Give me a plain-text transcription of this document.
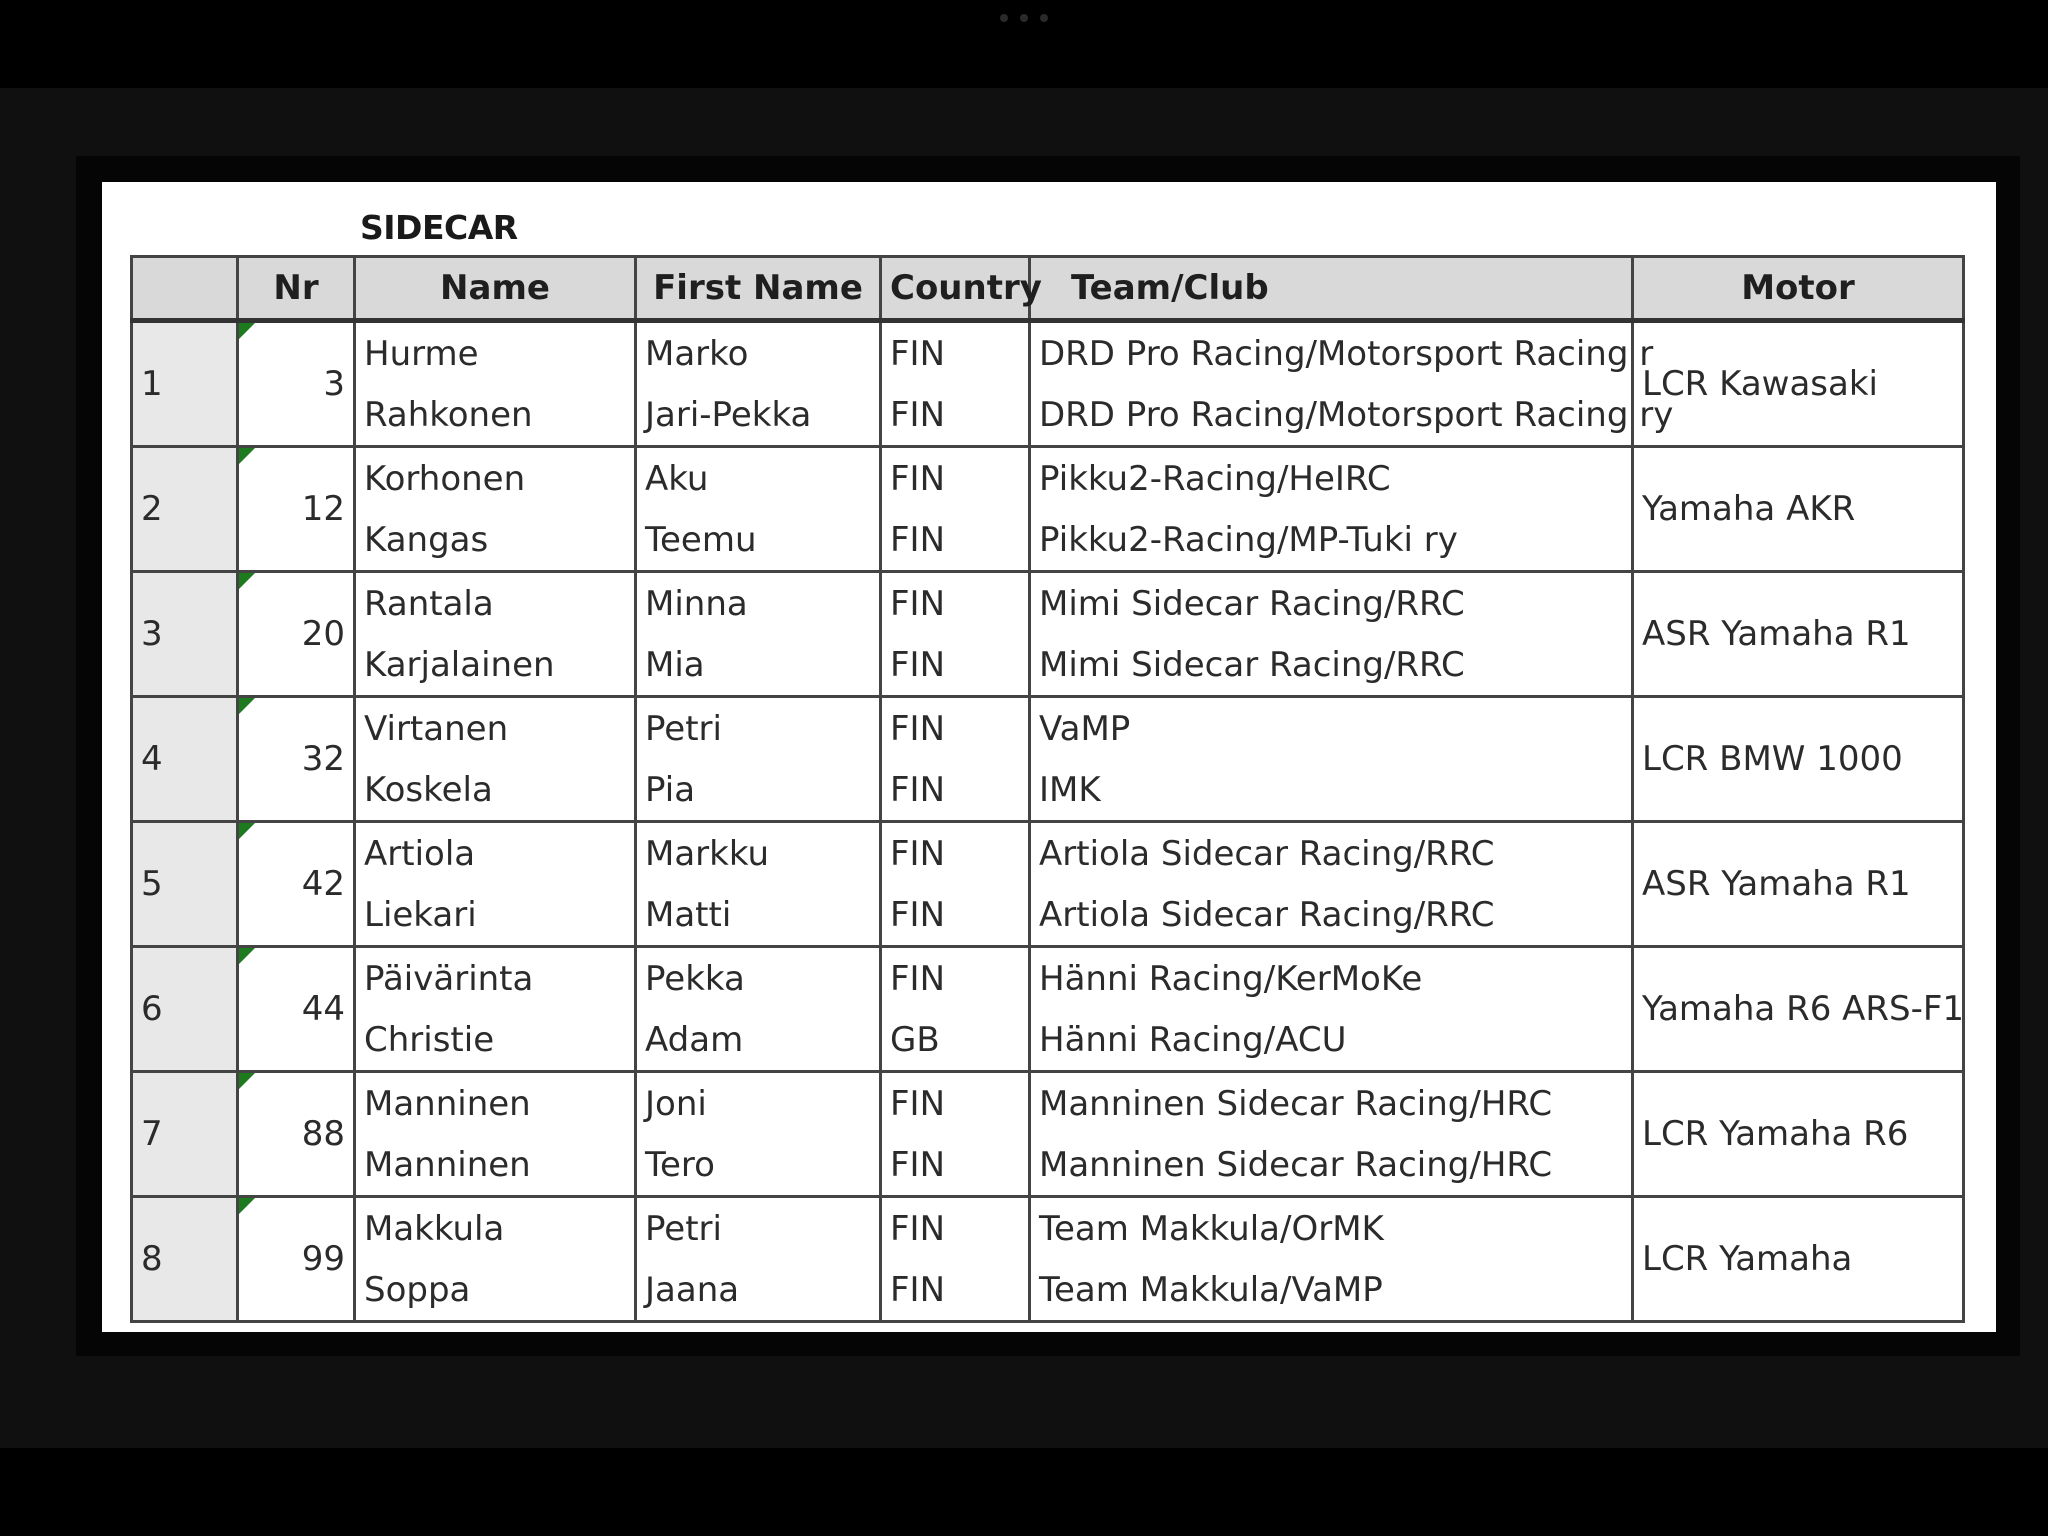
SIDECAR
	Nr	Name	First Name	Country	Team/Club	Motor
1	3	Hurme	Marko	FIN	DRD Pro Racing/Motorsport Racing r	LCR Kawasaki
		Rahkonen	Jari-Pekka	FIN	DRD Pro Racing/Motorsport Racing ry	
2	12	Korhonen	Aku	FIN	Pikku2-Racing/HeIRC	Yamaha AKR
		Kangas	Teemu	FIN	Pikku2-Racing/MP-Tuki ry	
3	20	Rantala	Minna	FIN	Mimi Sidecar Racing/RRC	ASR Yamaha R1
		Karjalainen	Mia	FIN	Mimi Sidecar Racing/RRC	
4	32	Virtanen	Petri	FIN	VaMP	LCR BMW 1000
		Koskela	Pia	FIN	IMK	
5	42	Artiola	Markku	FIN	Artiola Sidecar Racing/RRC	ASR Yamaha R1
		Liekari	Matti	FIN	Artiola Sidecar Racing/RRC	
6	44	Päivärinta	Pekka	FIN	Hänni Racing/KerMoKe	Yamaha R6 ARS-F1
		Christie	Adam	GB	Hänni Racing/ACU	
7	88	Manninen	Joni	FIN	Manninen Sidecar Racing/HRC	LCR Yamaha R6
		Manninen	Tero	FIN	Manninen Sidecar Racing/HRC	
8	99	Makkula	Petri	FIN	Team Makkula/OrMK	LCR Yamaha
		Soppa	Jaana	FIN	Team Makkula/VaMP	
